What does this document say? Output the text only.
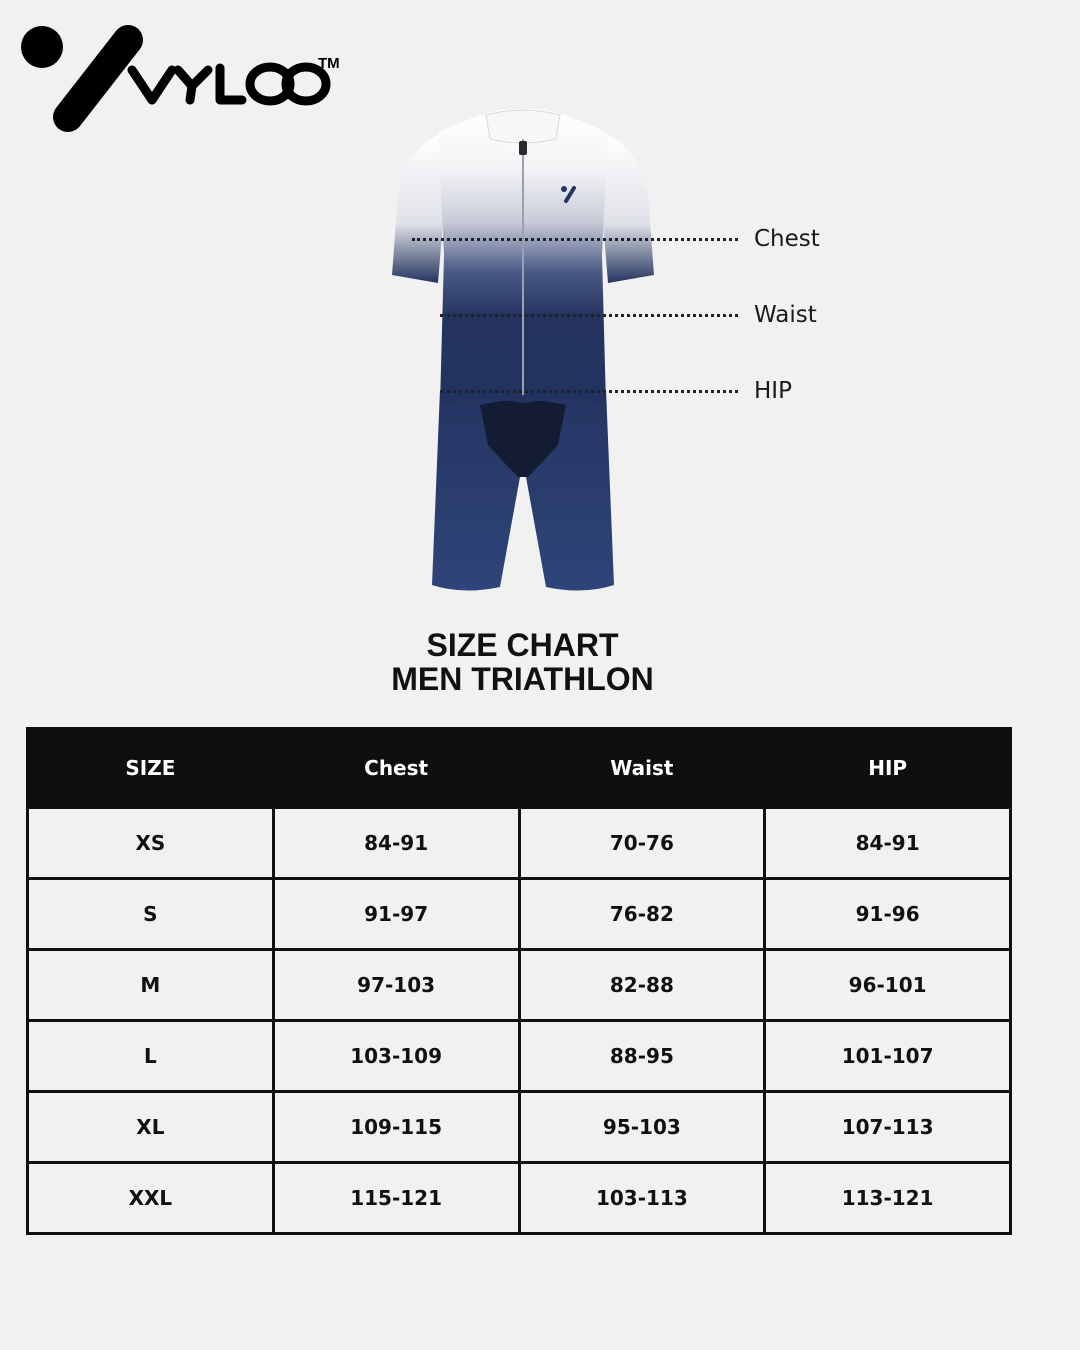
TM
Chest
Waist
HIP
SIZE CHART
MEN TRIATHLON
SIZE	Chest	Waist	HIP
XS	84-91	70-76	84-91
S	91-97	76-82	91-96
M	97-103	82-88	96-101
L	103-109	88-95	101-107
XL	109-115	95-103	107-113
XXL	115-121	103-113	113-121
